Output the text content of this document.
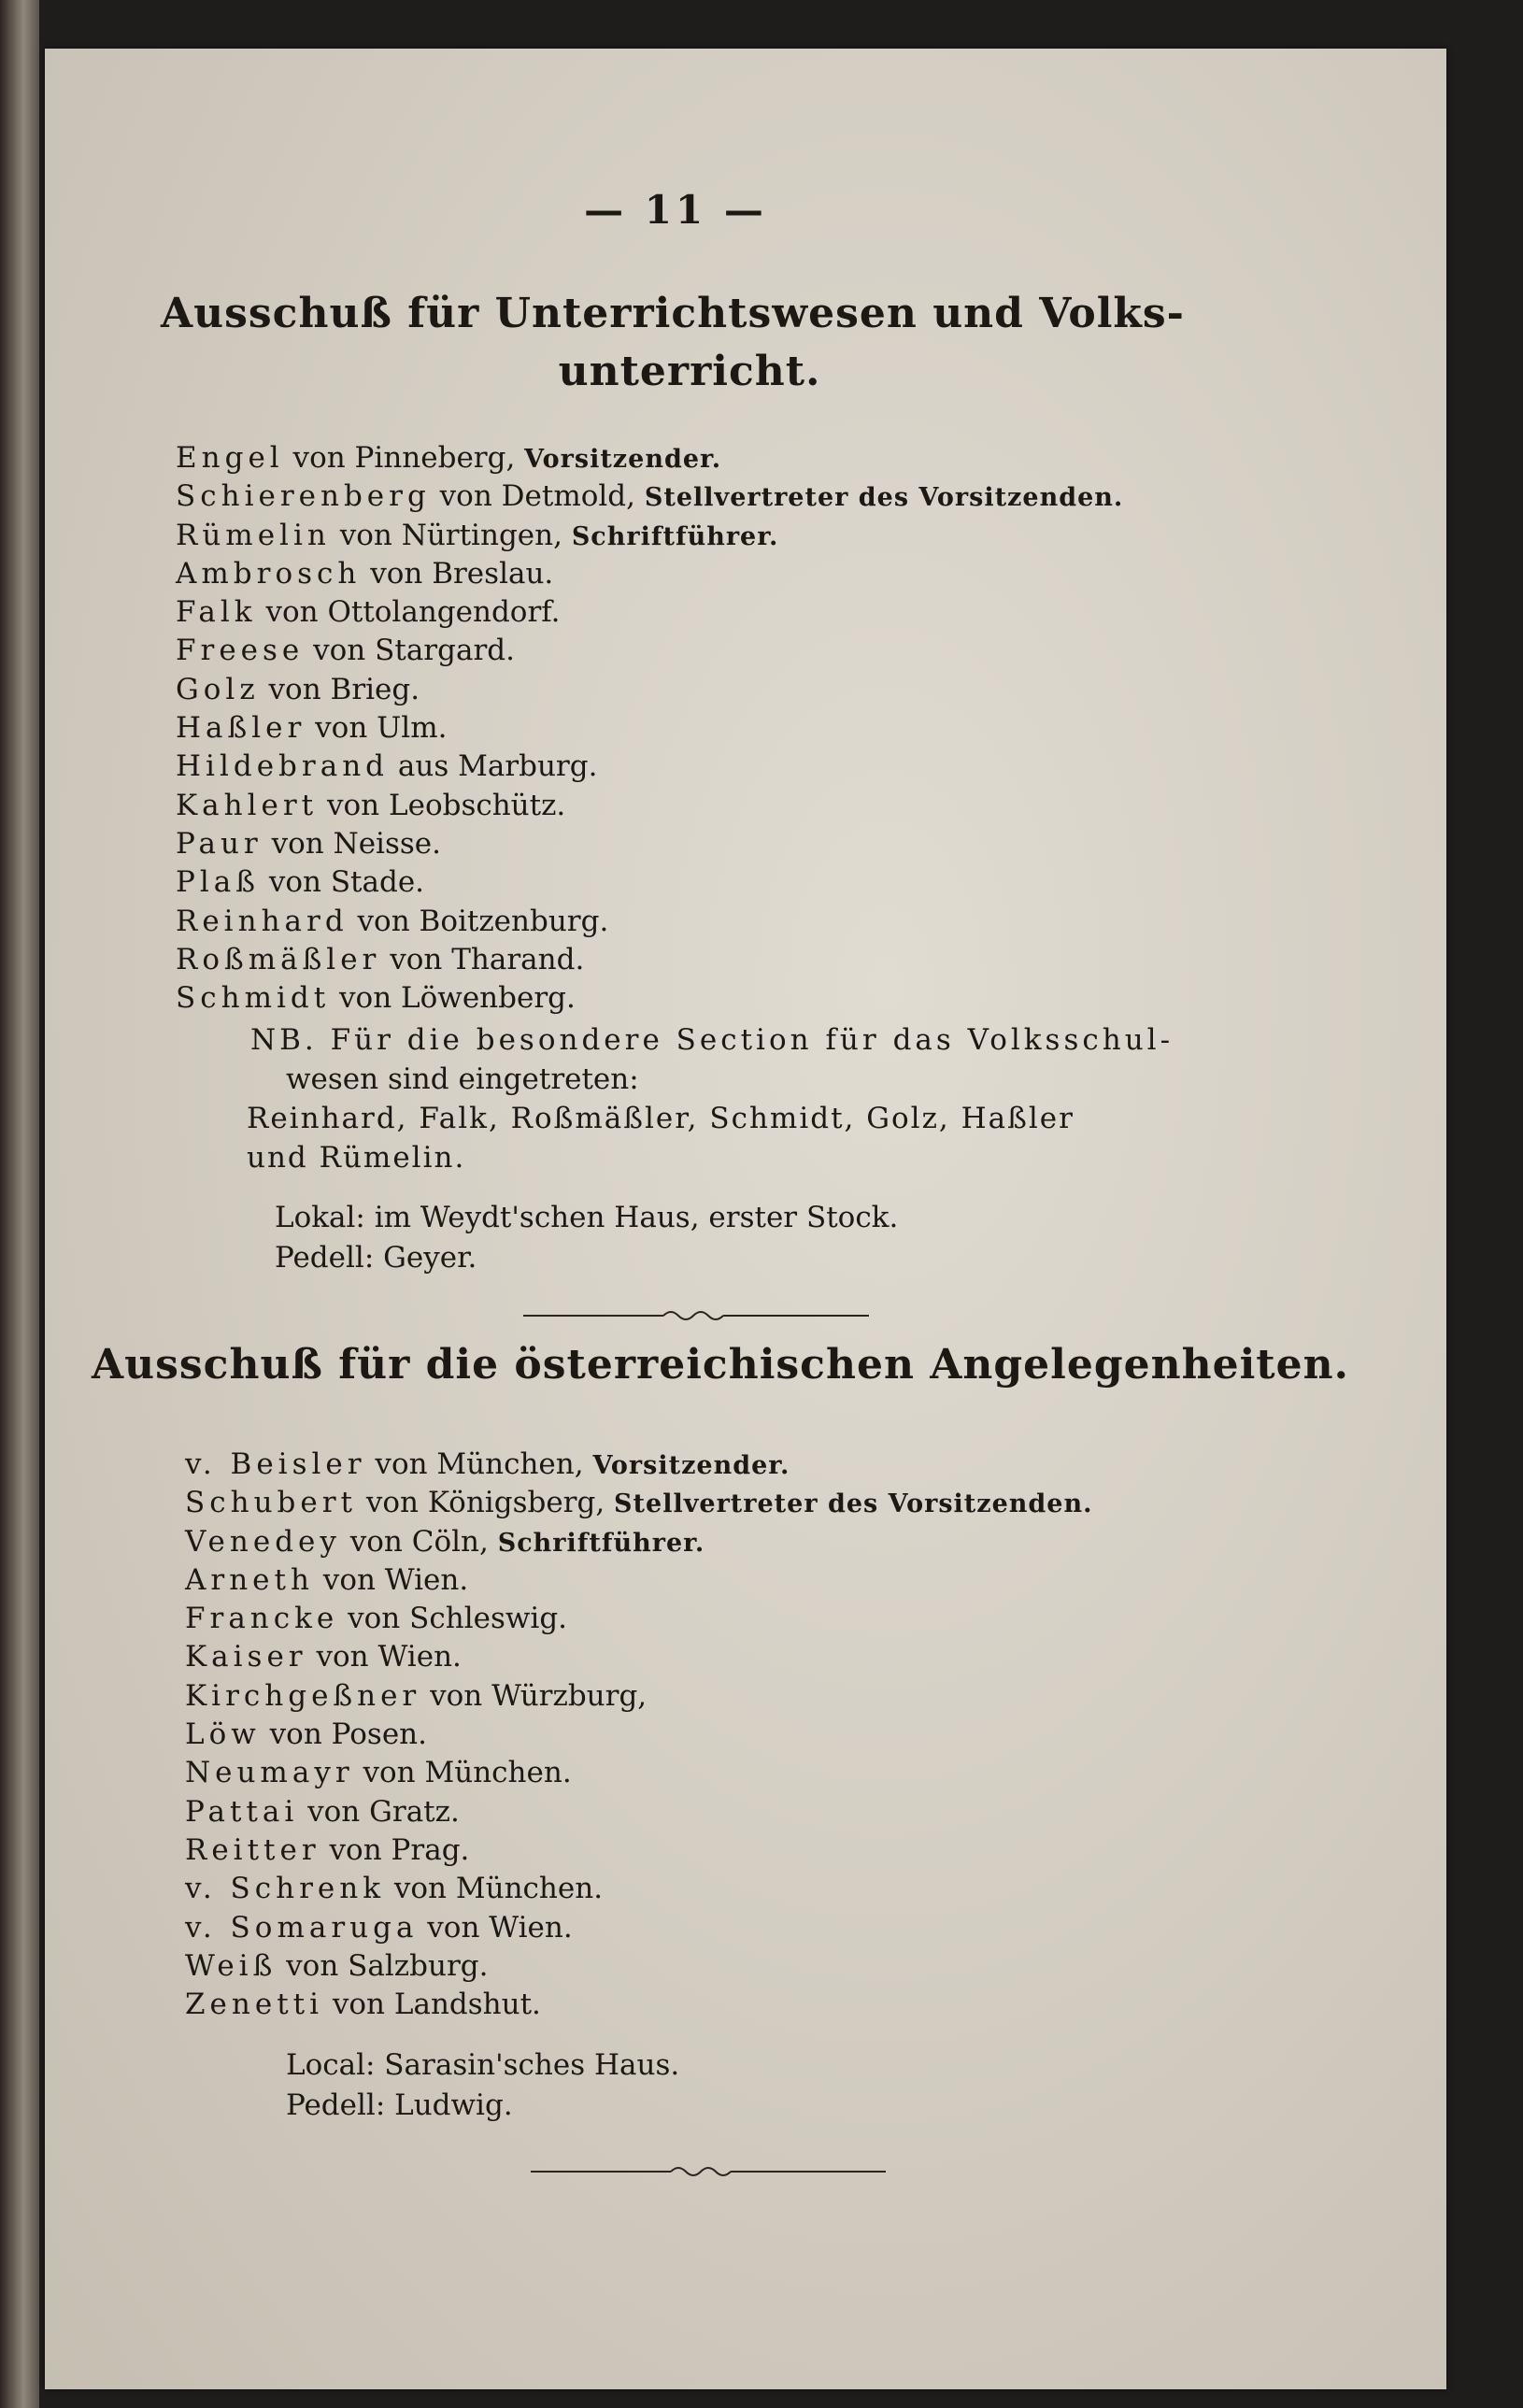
— 11 —
Ausschuß für Unterrichtswesen und Volks-
unterricht.
Engel von Pinneberg, Vorsitzender.
Schierenberg von Detmold, Stellvertreter des Vorsitzenden.
Rümelin von Nürtingen, Schriftführer.
Ambrosch von Breslau.
Falk von Ottolangendorf.
Freese von Stargard.
Golz von Brieg.
Haßler von Ulm.
Hildebrand aus Marburg.
Kahlert von Leobschütz.
Paur von Neisse.
Plaß von Stade.
Reinhard von Boitzenburg.
Roßmäßler von Tharand.
Schmidt von Löwenberg.
NB. Für die besondere Section für das Volksschul-
wesen sind eingetreten:
Reinhard, Falk, Roßmäßler, Schmidt, Golz, Haßler
und Rümelin.
Lokal: im Weydt'schen Haus, erster Stock.
Pedell: Geyer.
Ausschuß für die österreichischen Angelegenheiten.
v. Beisler von München, Vorsitzender.
Schubert von Königsberg, Stellvertreter des Vorsitzenden.
Venedey von Cöln, Schriftführer.
Arneth von Wien.
Francke von Schleswig.
Kaiser von Wien.
Kirchgeßner von Würzburg,
Löw von Posen.
Neumayr von München.
Pattai von Gratz.
Reitter von Prag.
v. Schrenk von München.
v. Somaruga von Wien.
Weiß von Salzburg.
Zenetti von Landshut.
Local: Sarasin'sches Haus.
Pedell: Ludwig.
